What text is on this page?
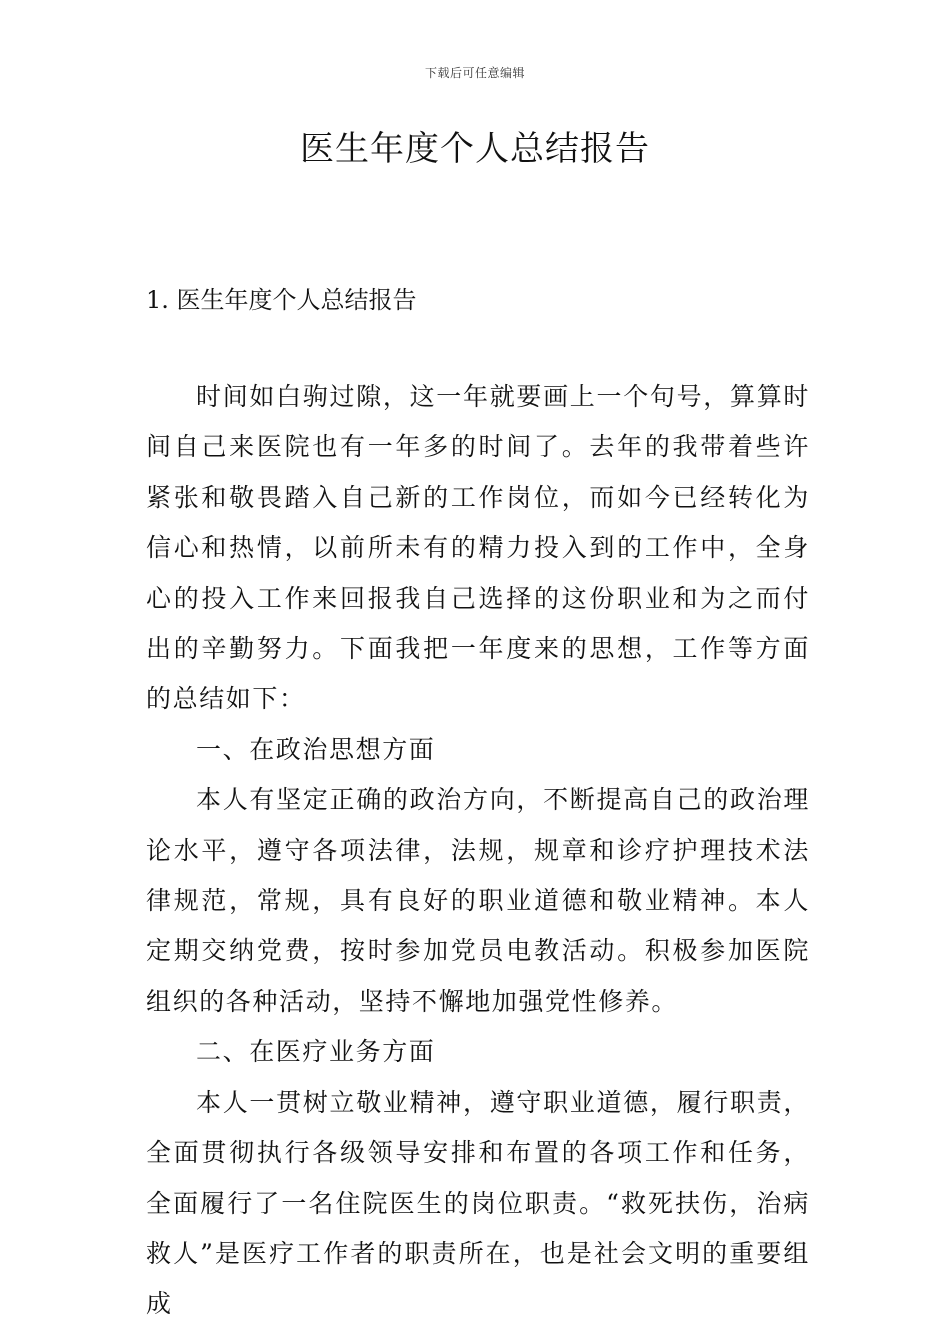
下载后可任意编辑
医生年度个人总结报告
1. 医生年度个人总结报告

时间如白驹过隙，这一年就要画上一个句号，算算时间自己来医院也有一年多的时间了。去年的我带着些许紧张和敬畏踏入自己新的工作岗位，而如今已经转化为信心和热情，以前所未有的精力投入到的工作中，全身心的投入工作来回报我自己选择的这份职业和为之而付出的辛勤努力。下面我把一年度来的思想，工作等方面的总结如下：

一、在政治思想方面

本人有坚定正确的政治方向，不断提高自己的政治理论水平，遵守各项法律，法规，规章和诊疗护理技术法律规范，常规，具有良好的职业道德和敬业精神。本人定期交纳党费，按时参加党员电教活动。积极参加医院组织的各种活动，坚持不懈地加强党性修养。

二、在医疗业务方面

本人一贯树立敬业精神，遵守职业道德，履行职责，全面贯彻执行各级领导安排和布置的各项工作和任务，全面履行了一名住院医生的岗位职责。“救死扶伤，治病救人”是医疗工作者的职责所在，也是社会文明的重要组成
